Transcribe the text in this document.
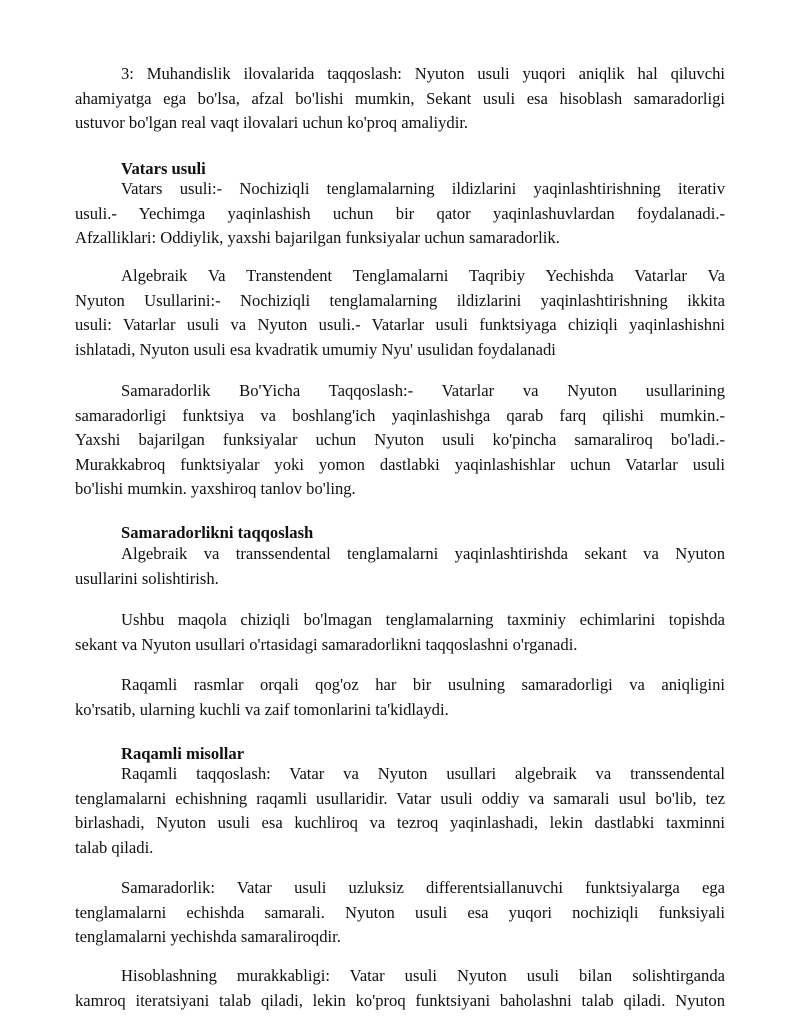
3: Muhandislik ilovalarida taqqoslash: Nyuton usuli yuqori aniqlik hal qiluvchi
ahamiyatga ega bo'lsa, afzal bo'lishi mumkin, Sekant usuli esa hisoblash samaradorligi
ustuvor bo'lgan real vaqt ilovalari uchun ko'proq amaliydir.
Vatars usuli
Vatars usuli:- Nochiziqli tenglamalarning ildizlarini yaqinlashtirishning iterativ
usuli.- Yechimga yaqinlashish uchun bir qator yaqinlashuvlardan foydalanadi.-
Afzalliklari: Oddiylik, yaxshi bajarilgan funksiyalar uchun samaradorlik.
Algebraik Va Transtendent Tenglamalarni Taqribiy Yechishda Vatarlar Va
Nyuton Usullarini:- Nochiziqli tenglamalarning ildizlarini yaqinlashtirishning ikkita
usuli: Vatarlar usuli va Nyuton usuli.- Vatarlar usuli funktsiyaga chiziqli yaqinlashishni
ishlatadi, Nyuton usuli esa kvadratik umumiy Nyu' usulidan foydalanadi
Samaradorlik Bo'Yicha Taqqoslash:- Vatarlar va Nyuton usullarining
samaradorligi funktsiya va boshlang'ich yaqinlashishga qarab farq qilishi mumkin.-
Yaxshi bajarilgan funksiyalar uchun Nyuton usuli ko'pincha samaraliroq bo'ladi.-
Murakkabroq funktsiyalar yoki yomon dastlabki yaqinlashishlar uchun Vatarlar usuli
bo'lishi mumkin. yaxshiroq tanlov bo'ling.
Samaradorlikni taqqoslash
Algebraik va transsendental tenglamalarni yaqinlashtirishda sekant va Nyuton
usullarini solishtirish.
Ushbu maqola chiziqli bo'lmagan tenglamalarning taxminiy echimlarini topishda
sekant va Nyuton usullari o'rtasidagi samaradorlikni taqqoslashni o'rganadi.
Raqamli rasmlar orqali qog'oz har bir usulning samaradorligi va aniqligini
ko'rsatib, ularning kuchli va zaif tomonlarini ta'kidlaydi.
Raqamli misollar
Raqamli taqqoslash: Vatar va Nyuton usullari algebraik va transsendental
tenglamalarni echishning raqamli usullaridir. Vatar usuli oddiy va samarali usul bo'lib, tez
birlashadi, Nyuton usuli esa kuchliroq va tezroq yaqinlashadi, lekin dastlabki taxminni
talab qiladi.
Samaradorlik: Vatar usuli uzluksiz differentsiallanuvchi funktsiyalarga ega
tenglamalarni echishda samarali. Nyuton usuli esa yuqori nochiziqli funksiyali
tenglamalarni yechishda samaraliroqdir.
Hisoblashning murakkabligi: Vatar usuli Nyuton usuli bilan solishtirganda
kamroq iteratsiyani talab qiladi, lekin ko'proq funktsiyani baholashni talab qiladi. Nyuton
